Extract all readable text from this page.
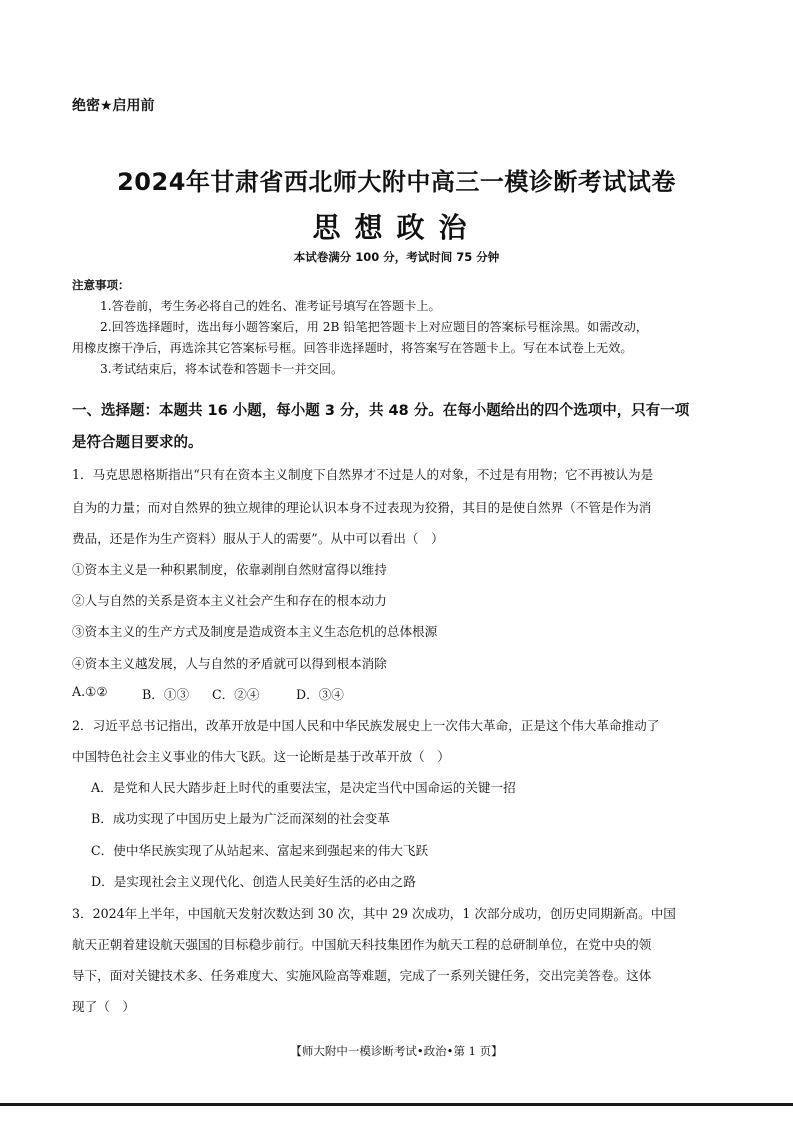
绝密★启用前
2024年甘肃省西北师大附中高三一模诊断考试试卷
思想政治
本试卷满分 100 分，考试时间 75 分钟
注意事项：
1.答卷前，考生务必将自己的姓名、准考证号填写在答题卡上。
2.回答选择题时，选出每小题答案后，用 2B 铅笔把答题卡上对应题目的答案标号框涂黑。如需改动，
用橡皮擦干净后，再选涂其它答案标号框。回答非选择题时，将答案写在答题卡上。写在本试卷上无效。
3.考试结束后，将本试卷和答题卡一并交回。
一、选择题：本题共 16 小题，每小题 3 分，共 48 分。在每小题给出的四个选项中，只有一项
是符合题目要求的。
1．马克思恩格斯指出“只有在资本主义制度下自然界才不过是人的对象，不过是有用物；它不再被认为是
自为的力量；而对自然界的独立规律的理论认识本身不过表现为狡猾，其目的是使自然界（不管是作为消
费品，还是作为生产资料）服从于人的需要”。从中可以看出（　）
①资本主义是一种积累制度，依靠剥削自然财富得以维持
②人与自然的关系是资本主义社会产生和存在的根本动力
③资本主义的生产方式及制度是造成资本主义生态危机的总体根源
④资本主义越发展，人与自然的矛盾就可以得到根本消除
A.①②	B．①③ C．②④	D．③④
2．习近平总书记指出，改革开放是中国人民和中华民族发展史上一次伟大革命，正是这个伟大革命推动了
中国特色社会主义事业的伟大飞跃。这一论断是基于改革开放（　）
A．是党和人民大踏步赶上时代的重要法宝，是决定当代中国命运的关键一招
B．成功实现了中国历史上最为广泛而深刻的社会变革
C．使中华民族实现了从站起来、富起来到强起来的伟大飞跃
D．是实现社会主义现代化、创造人民美好生活的必由之路
3．2024年上半年，中国航天发射次数达到 30 次，其中 29 次成功，1 次部分成功，创历史同期新高。中国
航天正朝着建设航天强国的目标稳步前行。中国航天科技集团作为航天工程的总研制单位，在党中央的领
导下，面对关键技术多、任务难度大、实施风险高等难题，完成了一系列关键任务，交出完美答卷。这体
现了（　）
【师大附中一模诊断考试•政治•第 1 页】
